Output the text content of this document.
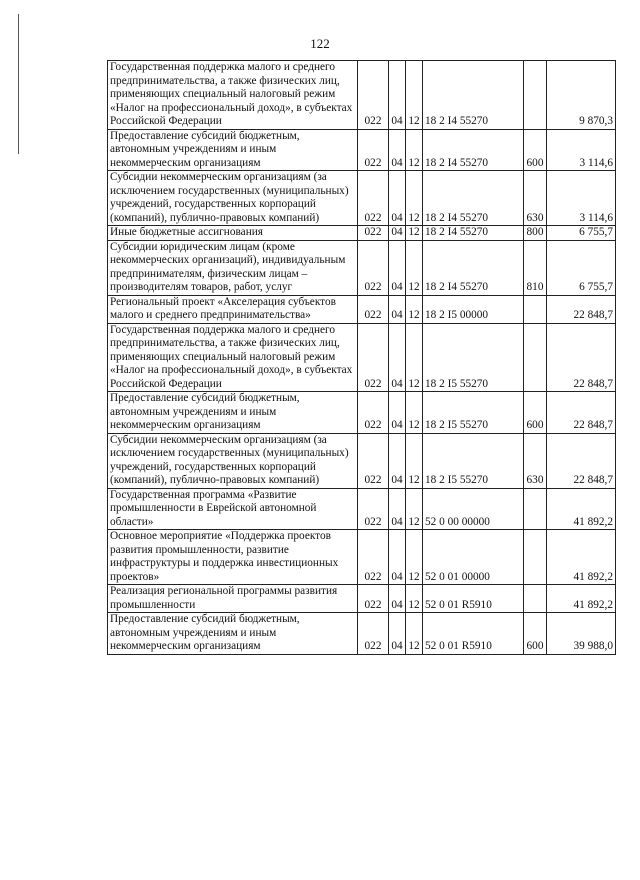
122
Государственная поддержка малого и среднего предпринимательства, а также физических лиц, применяющих специальный налоговый режим «Налог на профессиональный доход», в субъектах Российской Федерации	022	04	12	18 2 I4 55270		9 870,3
Предоставление субсидий бюджетным, автономным учреждениям и иным некоммерческим организациям	022	04	12	18 2 I4 55270	600	3 114,6
Субсидии некоммерческим организациям (за исключением государственных (муниципальных) учреждений, государственных корпораций (компаний), публично-правовых компаний)	022	04	12	18 2 I4 55270	630	3 114,6
Иные бюджетные ассигнования	022	04	12	18 2 I4 55270	800	6 755,7
Субсидии юридическим лицам (кроме некоммерческих организаций), индивидуальным предпринимателям, физическим лицам – производителям товаров, работ, услуг	022	04	12	18 2 I4 55270	810	6 755,7
Региональный проект «Акселерация субъектов малого и среднего предпринимательства»	022	04	12	18 2 I5 00000		22 848,7
Государственная поддержка малого и среднего предпринимательства, а также физических лиц, применяющих специальный налоговый режим «Налог на профессиональный доход», в субъектах Российской Федерации	022	04	12	18 2 I5 55270		22 848,7
Предоставление субсидий бюджетным, автономным учреждениям и иным некоммерческим организациям	022	04	12	18 2 I5 55270	600	22 848,7
Субсидии некоммерческим организациям (за исключением государственных (муниципальных) учреждений, государственных корпораций (компаний), публично-правовых компаний)	022	04	12	18 2 I5 55270	630	22 848,7
Государственная программа «Развитие промышленности в Еврейской автономной области»	022	04	12	52 0 00 00000		41 892,2
Основное мероприятие «Поддержка проектов развития промышленности, развитие инфраструктуры и поддержка инвестиционных проектов»	022	04	12	52 0 01 00000		41 892,2
Реализация региональной программы развития промышленности	022	04	12	52 0 01 R5910		41 892,2
Предоставление субсидий бюджетным, автономным учреждениям и иным некоммерческим организациям	022	04	12	52 0 01 R5910	600	39 988,0
